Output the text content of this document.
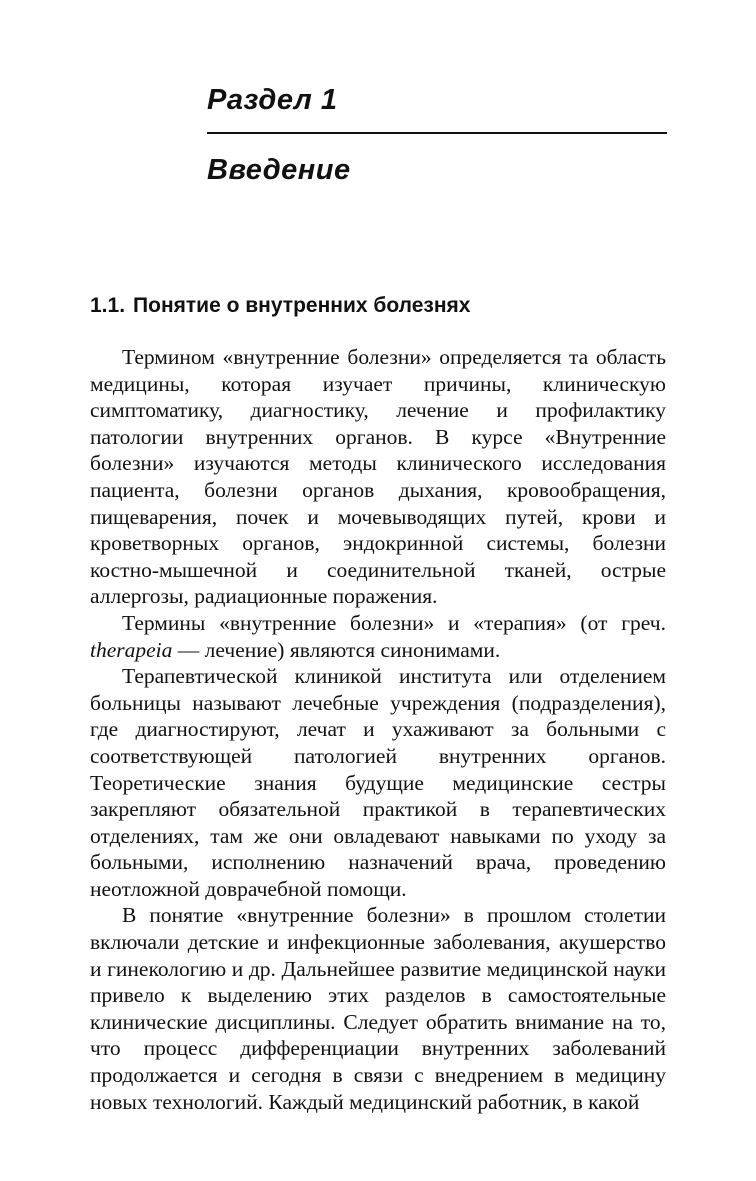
Раздел 1
Введение
1.1. Понятие о внутренних болезнях

Термином «внутренние болезни» определяется та область медицины, которая изучает причины, клиническую симптоматику, диагностику, лечение и профилактику патологии внутренних органов. В курсе «Внутренние болезни» изучаются методы клинического исследования пациента, болезни органов дыхания, кровообращения, пищеварения, почек и мочевыводящих путей, крови и кроветворных органов, эндокринной системы, болезни костно-мышечной и соединительной тканей, острые аллергозы, радиационные поражения.

Термины «внутренние болезни» и «терапия» (от греч. therapeia — лечение) являются синонимами.

Терапевтической клиникой института или отделением больницы называют лечебные учреждения (подразделения), где диагностируют, лечат и ухаживают за больными с соответствующей патологией внутренних органов. Теоретические знания будущие медицинские сестры закрепляют обязательной практикой в терапевтических отделениях, там же они овладевают навыками по уходу за больными, исполнению назначений врача, проведению неотложной доврачебной помощи.

В понятие «внутренние болезни» в прошлом столетии включали детские и инфекционные заболевания, акушерство и гинекологию и др. Дальнейшее развитие медицинской науки привело к выделению этих разделов в самостоятельные клинические дисциплины. Следует обратить внимание на то, что процесс дифференциации внутренних заболеваний продолжается и сегодня в связи с внедрением в медицину новых технологий. Каждый медицинский работник, в какой
